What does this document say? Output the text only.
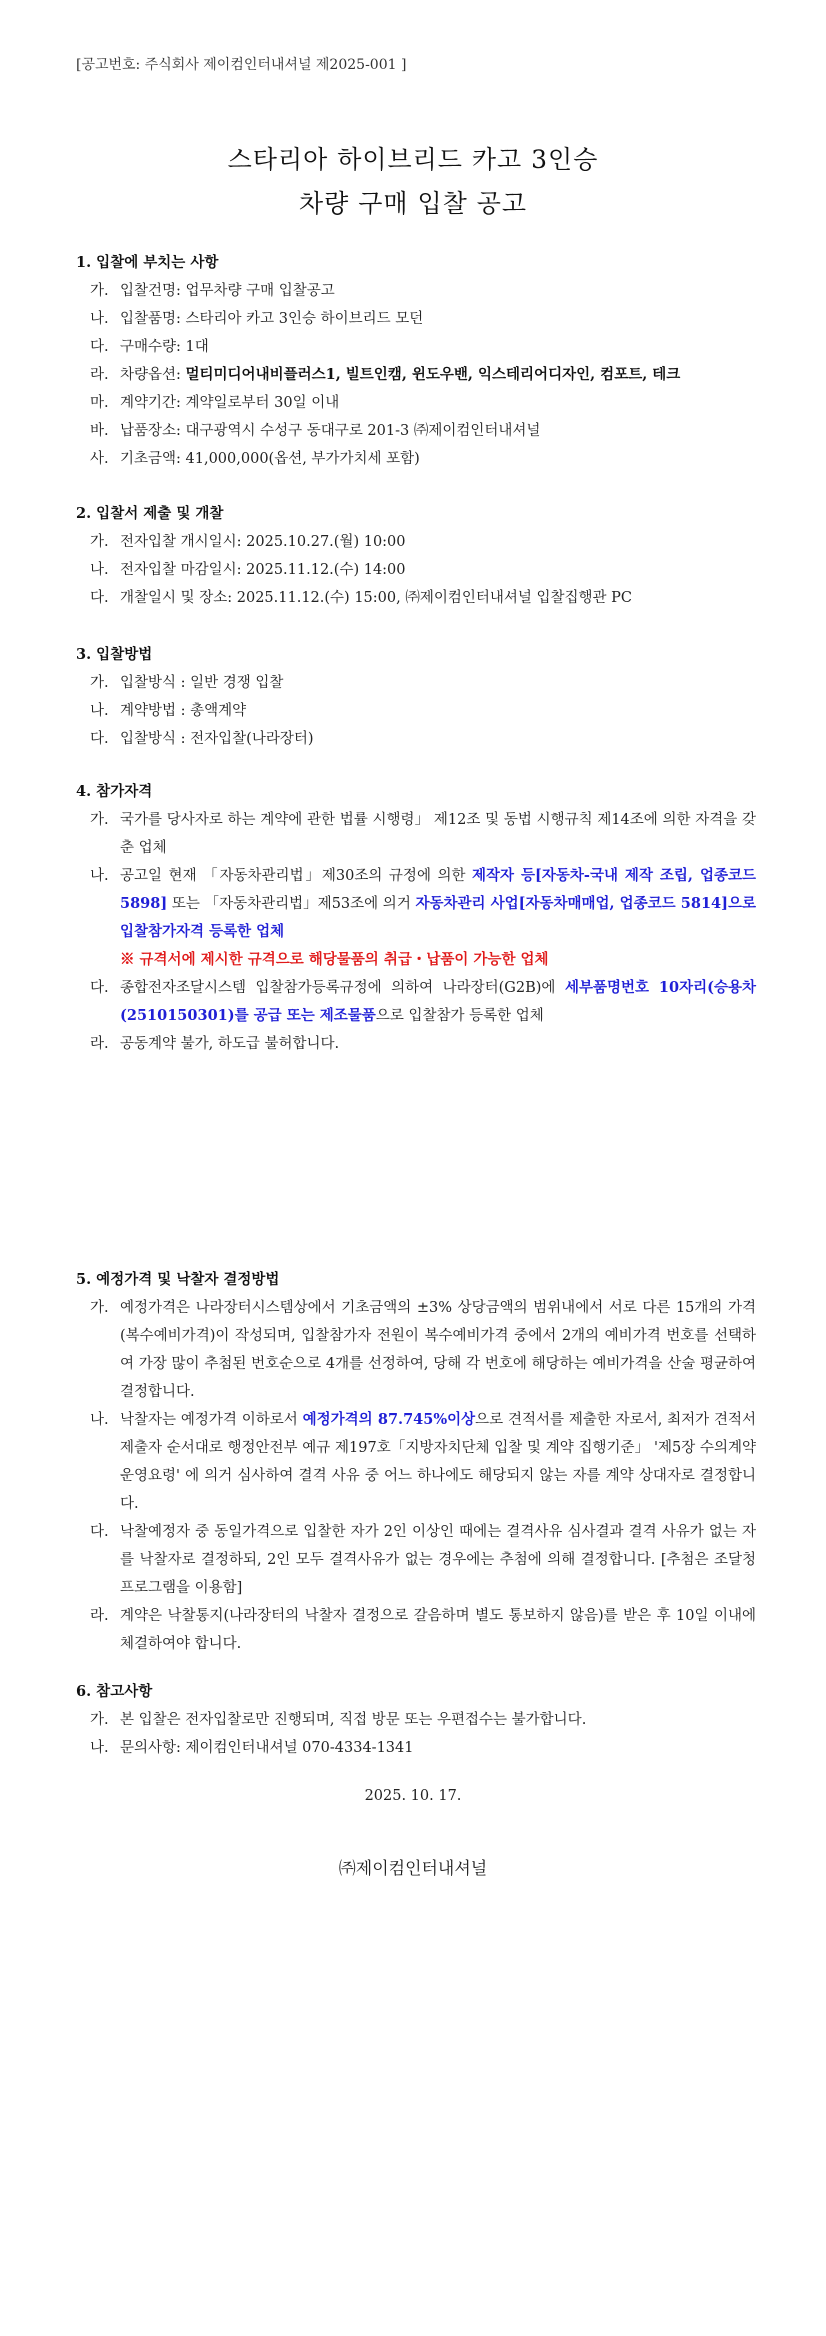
[공고번호: 주식회사 제이컴인터내셔널 제2025-001 ]
스타리아 하이브리드 카고 3인승
차량 구매 입찰 공고
1. 입찰에 부치는 사항
가. 입찰건명: 업무차량 구매 입찰공고
나. 입찰품명: 스타리아 카고 3인승 하이브리드 모던
다. 구매수량: 1대
라. 차량옵션: 멀티미디어내비플러스1, 빌트인캠, 윈도우밴, 익스테리어디자인, 컴포트, 테크
마. 계약기간: 계약일로부터 30일 이내
바. 납품장소: 대구광역시 수성구 동대구로 201-3 ㈜제이컴인터내셔널
사. 기초금액: 41,000,000(옵션, 부가가치세 포함)
2. 입찰서 제출 및 개찰
가. 전자입찰 개시일시: 2025.10.27.(월) 10:00
나. 전자입찰 마감일시: 2025.11.12.(수) 14:00
다. 개찰일시 및 장소: 2025.11.12.(수) 15:00, ㈜제이컴인터내셔널 입찰집행관 PC
3. 입찰방법
가. 입찰방식 : 일반 경쟁 입찰
나. 계약방법 : 총액계약
다. 입찰방식 : 전자입찰(나라장터)
4. 참가자격
가. 국가를 당사자로 하는 계약에 관한 법률 시행령」 제12조 및 동법 시행규칙 제14조에 의한 자격을 갖춘 업체
나. 공고일 현재 「자동차관리법」제30조의 규정에 의한 제작자 등[자동차-국내 제작 조립, 업종코드 5898] 또는 「자동차관리법」제53조에 의거 자동차관리 사업[자동차매매업, 업종코드 5814]으로 입찰참가자격 등록한 업체
※ 규격서에 제시한 규격으로 해당물품의 취급・납품이 가능한 업체
다. 종합전자조달시스템 입찰참가등록규정에 의하여 나라장터(G2B)에 세부품명번호 10자리(승용차 (2510150301)를 공급 또는 제조물품으로 입찰참가 등록한 업체
라. 공동계약 불가, 하도급 불허합니다.
5. 예정가격 및 낙찰자 결정방법
가. 예정가격은 나라장터시스템상에서 기초금액의 ±3% 상당금액의 범위내에서 서로 다른 15개의 가격(복수예비가격)이 작성되며, 입찰참가자 전원이 복수예비가격 중에서 2개의 예비가격 번호를 선택하여 가장 많이 추첨된 번호순으로 4개를 선정하여, 당해 각 번호에 해당하는 예비가격을 산술 평균하여 결정합니다.
나. 낙찰자는 예정가격 이하로서 예정가격의 87.745%이상으로 견적서를 제출한 자로서, 최저가 견적서 제출자 순서대로 행정안전부 예규 제197호「지방자치단체 입찰 및 계약 집행기준」 '제5장 수의계약 운영요령' 에 의거 심사하여 결격 사유 중 어느 하나에도 해당되지 않는 자를 계약 상대자로 결정합니다.
다. 낙찰예정자 중 동일가격으로 입찰한 자가 2인 이상인 때에는 결격사유 심사결과 결격 사유가 없는 자를 낙찰자로 결정하되, 2인 모두 결격사유가 없는 경우에는 추첨에 의해 결정합니다. [추첨은 조달청 프로그램을 이용함]
라. 계약은 낙찰통지(나라장터의 낙찰자 결정으로 갈음하며 별도 통보하지 않음)를 받은 후 10일 이내에 체결하여야 합니다.
6. 참고사항
가. 본 입찰은 전자입찰로만 진행되며, 직접 방문 또는 우편접수는 불가합니다.
나. 문의사항: 제이컴인터내셔널 070-4334-1341
2025. 10. 17.
㈜제이컴인터내셔널
